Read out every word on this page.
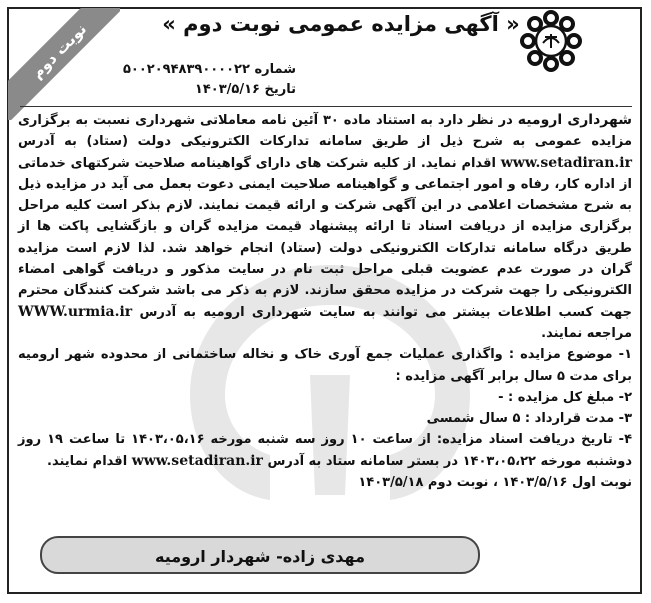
نوبت دوم	« آگهی مزایده عمومی نوبت دوم »
شماره ۵۰۰۲۰۹۴۸۳۹۰۰۰۰۲۲
تاریخ ۱۴۰۳/۵/۱۶

شهرداری ارومیه در نظر دارد به استناد ماده ۳۰ آئین نامه معاملاتی شهرداری نسبت به برگزاری مزایده عمومی به شرح ذیل از طریق سامانه تدارکات الکترونیکی دولت (ستاد) به آدرس www.setadiran.ir اقدام نماید. از کلیه شرکت های دارای گواهینامه صلاحیت شرکتهای خدماتی از اداره کار، رفاه و امور اجتماعی و گواهینامه صلاحیت ایمنی دعوت بعمل می آید در مزایده ذیل به شرح مشخصات اعلامی در این آگهی شرکت و ارائه قیمت نمایند. لازم بذکر است کلیه مراحل برگزاری مزایده از دریافت اسناد تا ارائه پیشنهاد قیمت مزایده گران و بازگشایی پاکت ها از طریق درگاه سامانه تدارکات الکترونیکی دولت (ستاد) انجام خواهد شد. لذا لازم است مزایده گران در صورت عدم عضویت قبلی مراحل ثبت نام در سایت مذکور و دریافت گواهی امضاء الکترونیکی را جهت شرکت در مزایده محقق سازند. لازم به ذکر می باشد شرکت کنندگان محترم جهت کسب اطلاعات بیشتر می توانند به سایت شهرداری ارومیه به آدرس WWW.urmia.ir مراجعه نمایند.

۱- موضوع مزایده : واگذاری عملیات جمع آوری خاک و نخاله ساختمانی از محدوده شهر ارومیه برای مدت ۵ سال برابر آگهی مزایده :

۲- مبلغ کل مزایده : -

۳- مدت قرارداد : ۵ سال شمسی

۴- تاریخ دریافت اسناد مزایده: از ساعت ۱۰ روز سه شنبه مورخه ۱۴۰۳،۰۵،۱۶ تا ساعت ۱۹ روز دوشنبه مورخه ۱۴۰۳،۰۵،۲۲ در بستر سامانه ستاد به آدرس www.setadiran.ir اقدام نمایند.

نوبت اول ۱۴۰۳/۵/۱۶ ، نوبت دوم ۱۴۰۳/۵/۱۸

مهدی زاده- شهردار ارومیه
